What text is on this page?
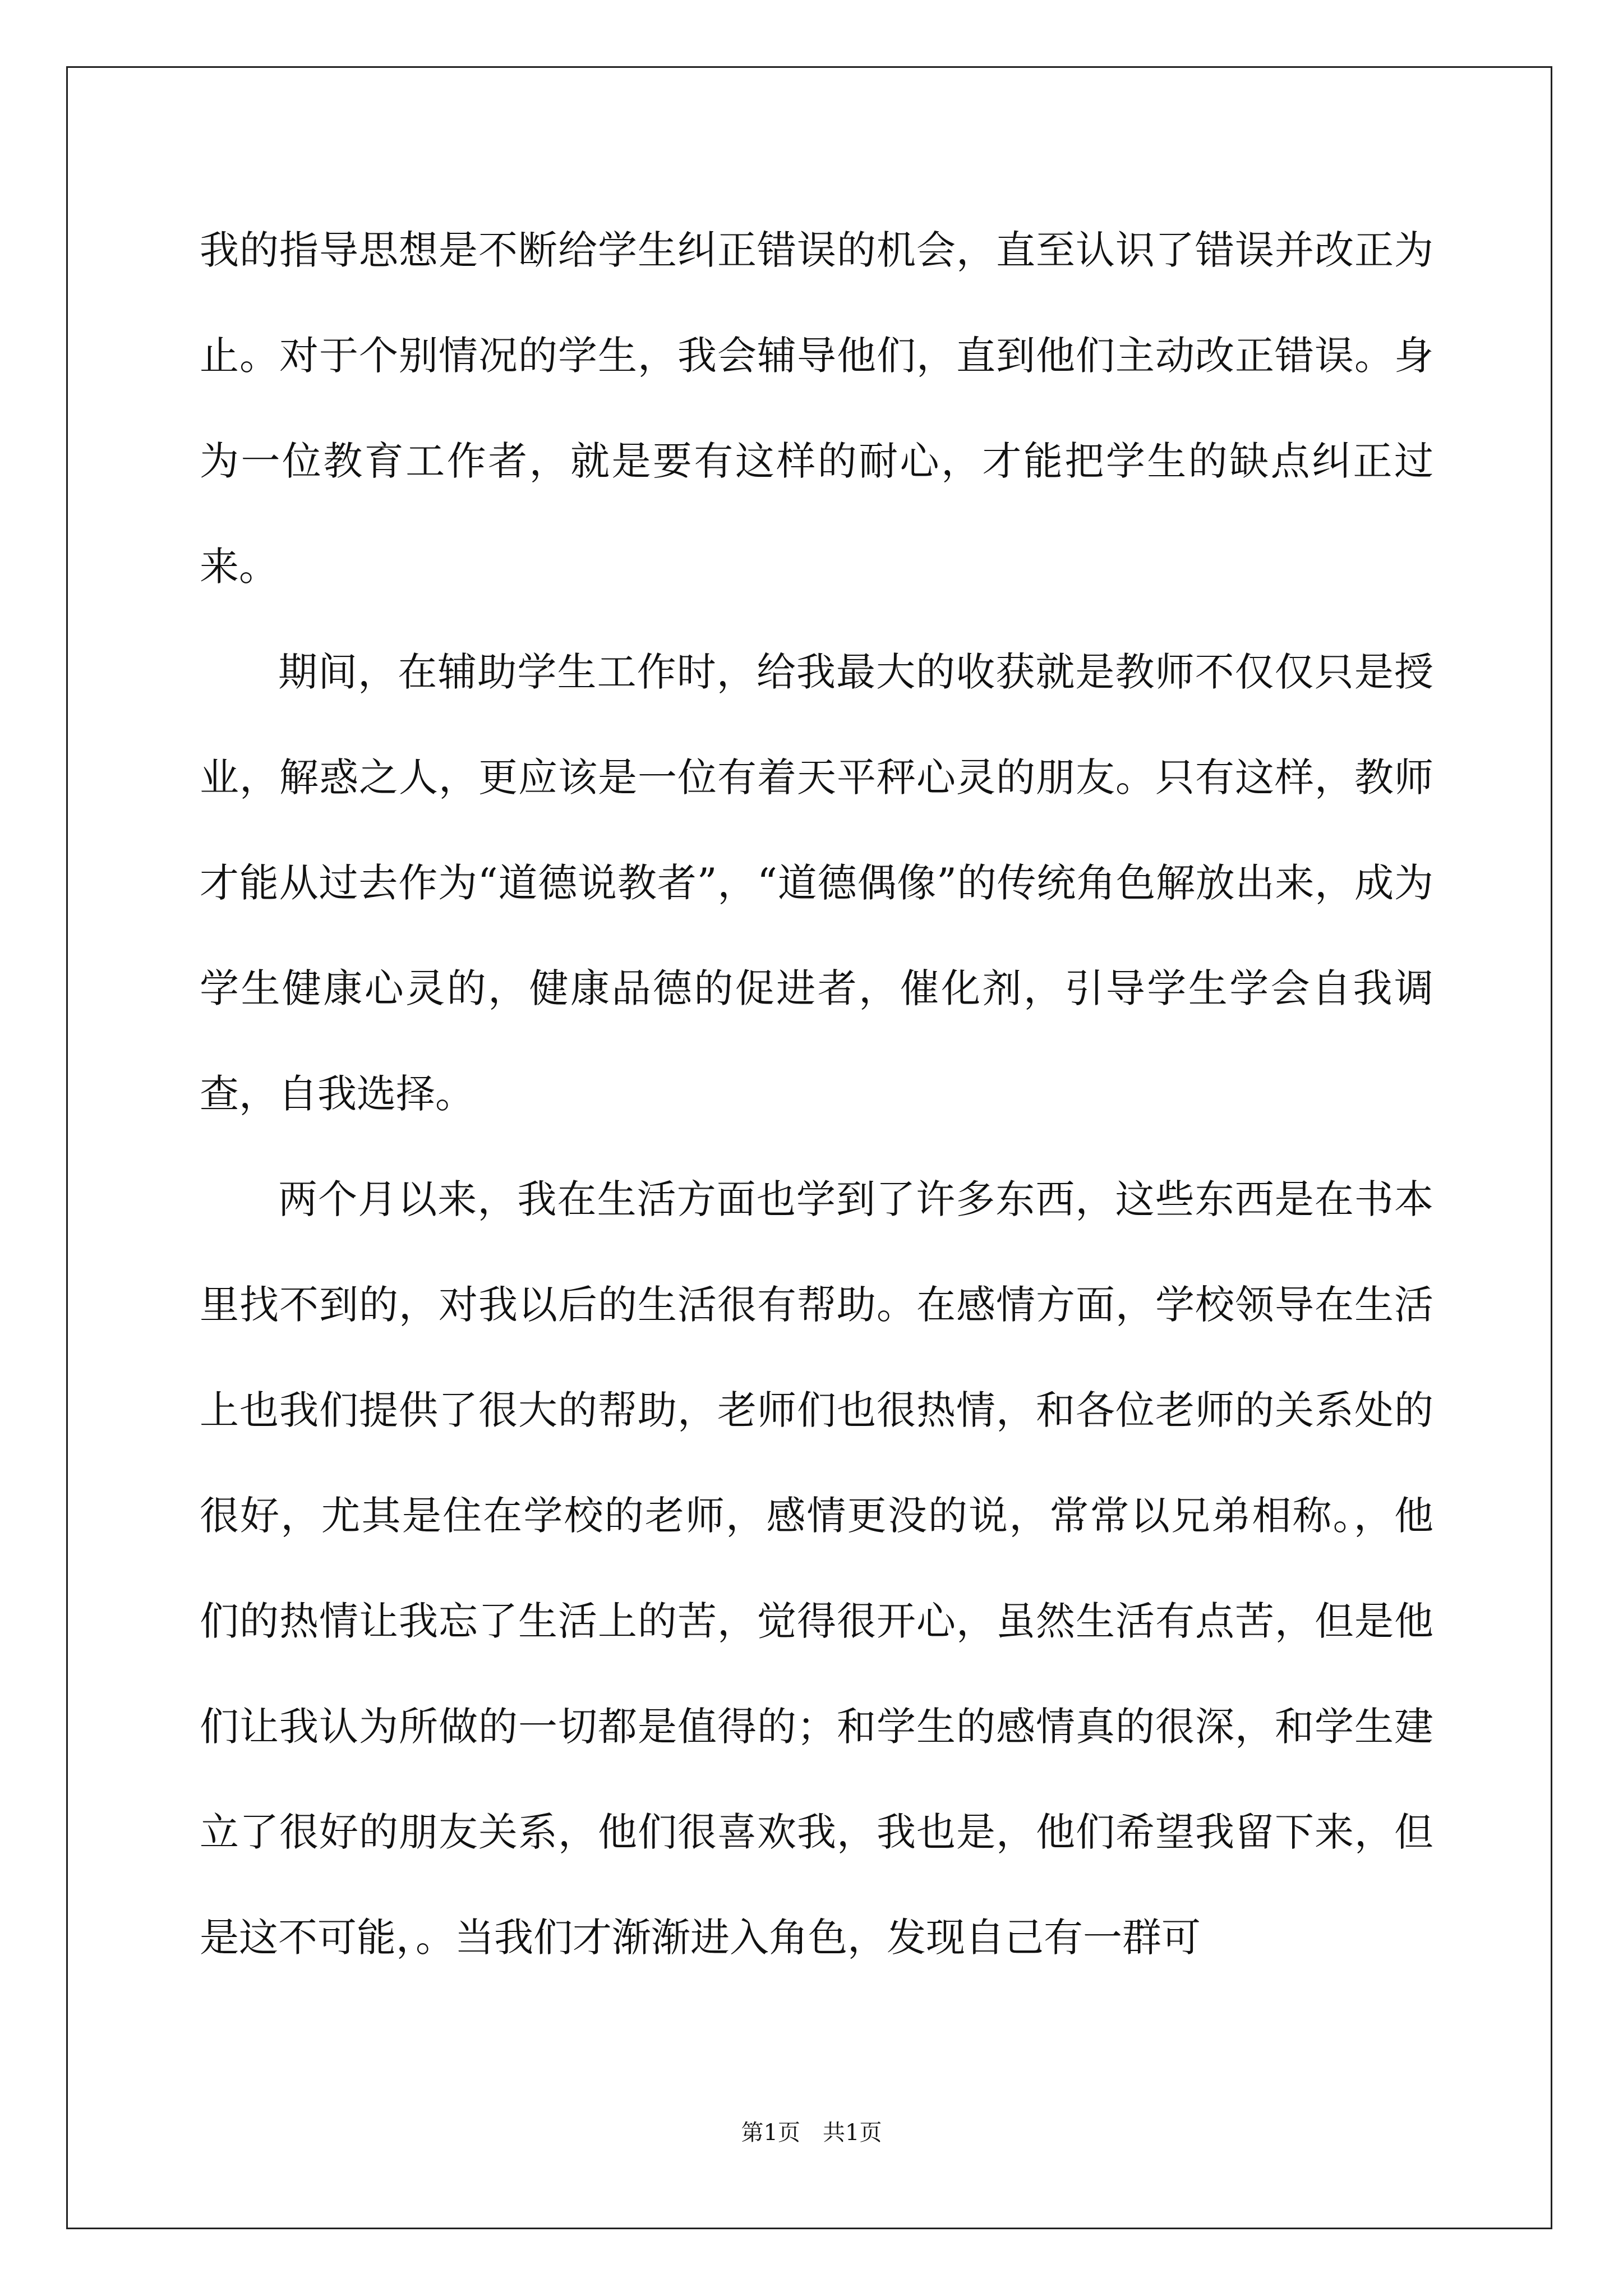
我的指导思想是不断给学生纠正错误的机会，直至认识了错误并改正为止。对于个别情况的学生，我会辅导他们，直到他们主动改正错误。身为一位教育工作者，就是要有这样的耐心，才能把学生的缺点纠正过来。

期间，在辅助学生工作时，给我最大的收获就是教师不仅仅只是授业，解惑之人，更应该是一位有着天平秤心灵的朋友。只有这样，教师才能从过去作为“道德说教者”，“道德偶像”的传统角色解放出来，成为学生健康心灵的，健康品德的促进者，催化剂，引导学生学会自我调查，自我选择。

两个月以来，我在生活方面也学到了许多东西，这些东西是在书本里找不到的，对我以后的生活很有帮助。在感情方面，学校领导在生活上也我们提供了很大的帮助，老师们也很热情，和各位老师的关系处的很好，尤其是住在学校的老师，感情更没的说，常常以兄弟相称。，他们的热情让我忘了生活上的苦，觉得很开心，虽然生活有点苦，但是他们让我认为所做的一切都是值得的；和学生的感情真的很深，和学生建立了很好的朋友关系，他们很喜欢我，我也是，他们希望我留下来，但是这不可能，。当我们才渐渐进入角色，发现自己有一群可

第1页　共1页
